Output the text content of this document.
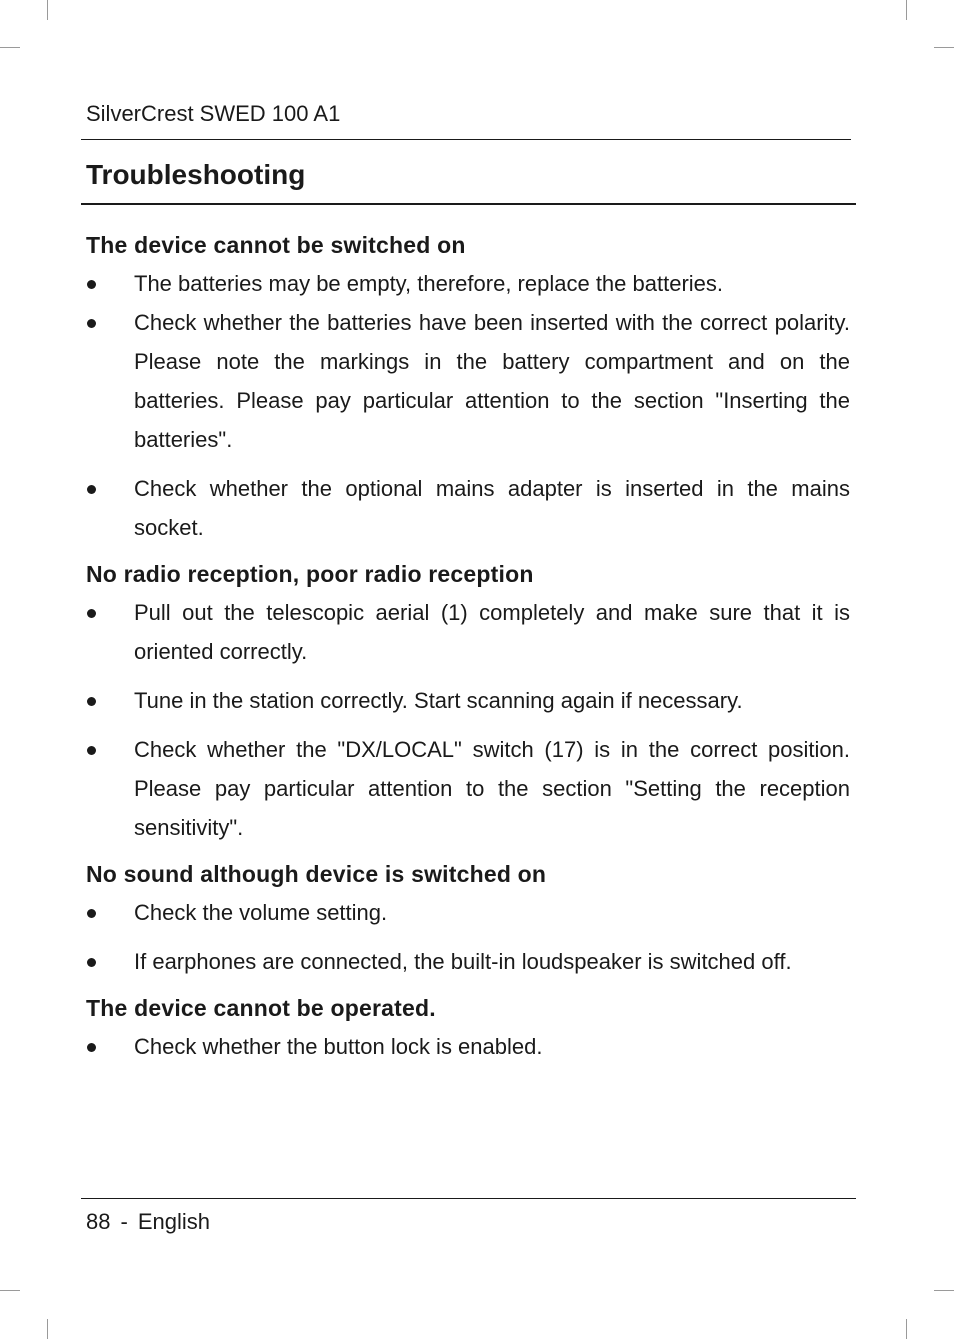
SilverCrest SWED 100 A1
Troubleshooting
The device cannot be switched on
The batteries may be empty, therefore, replace the batteries.
Check whether the batteries have been inserted with the correct polarity. Please note the markings in the battery compartment and on the batteries. Please pay particular attention to the section "Inserting the batteries".
Check whether the optional mains adapter is inserted in the mains socket.
No radio reception, poor radio reception
Pull out the telescopic aerial (1) completely and make sure that it is oriented correctly.
Tune in the station correctly. Start scanning again if necessary.
Check whether the "DX/LOCAL" switch (17) is in the correct position. Please pay particular attention to the section "Setting the reception sensitivity".
No sound although device is switched on
Check the volume setting.
If earphones are connected, the built-in loudspeaker is switched off.
The device cannot be operated.
Check whether the button lock is enabled.
88 - English
